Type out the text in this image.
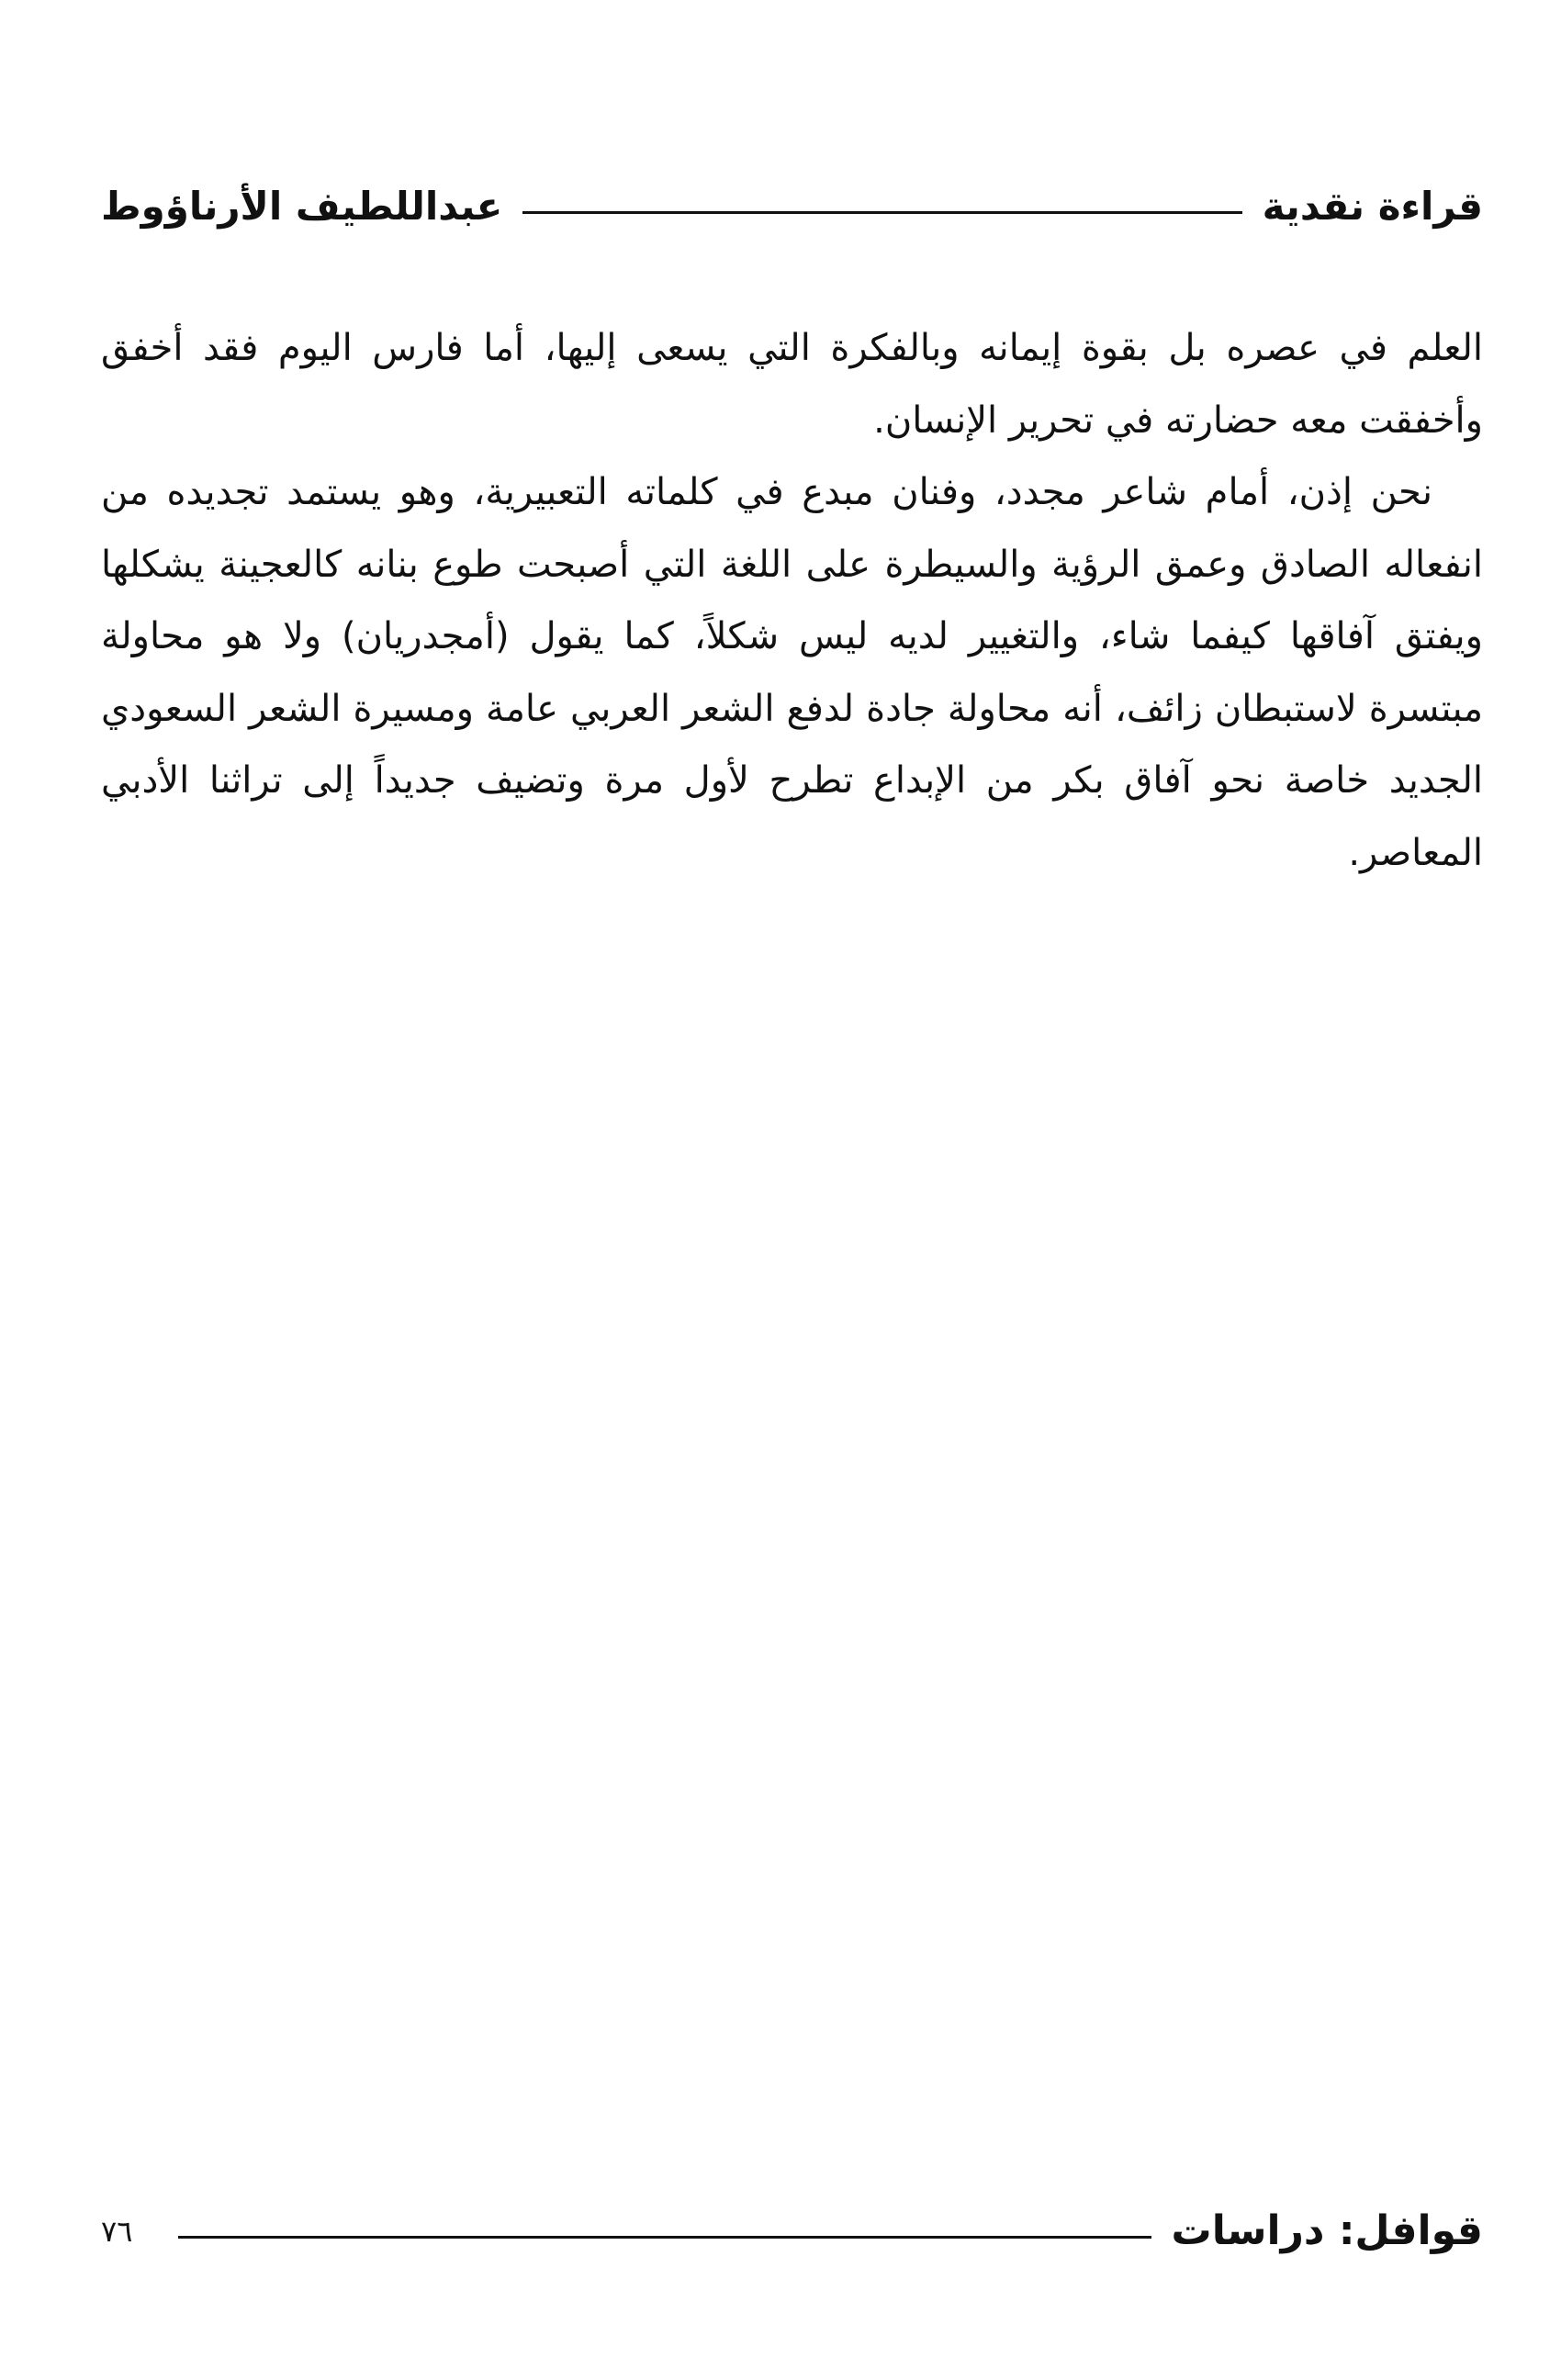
قراءة نقدية
عبداللطيف الأرناؤوط

العلم في عصره بل بقوة إيمانه وبالفكرة التي يسعى إليها، أما فارس اليوم فقد أخفق وأخفقت معه حضارته في تحرير الإنسان.

نحن إذن، أمام شاعر مجدد، وفنان مبدع في كلماته التعبيرية، وهو يستمد تجديده من انفعاله الصادق وعمق الرؤية والسيطرة على اللغة التي أصبحت طوع بنانه كالعجينة يشكلها ويفتق آفاقها كيفما شاء، والتغيير لديه ليس شكلاً، كما يقول (أمجدريان) ولا هو محاولة مبتسرة لاستبطان زائف، أنه محاولة جادة لدفع الشعر العربي عامة ومسيرة الشعر السعودي الجديد خاصة نحو آفاق بكر من الإبداع تطرح لأول مرة وتضيف جديداً إلى تراثنا الأدبي المعاصر.

قوافل: دراسات
٧٦
